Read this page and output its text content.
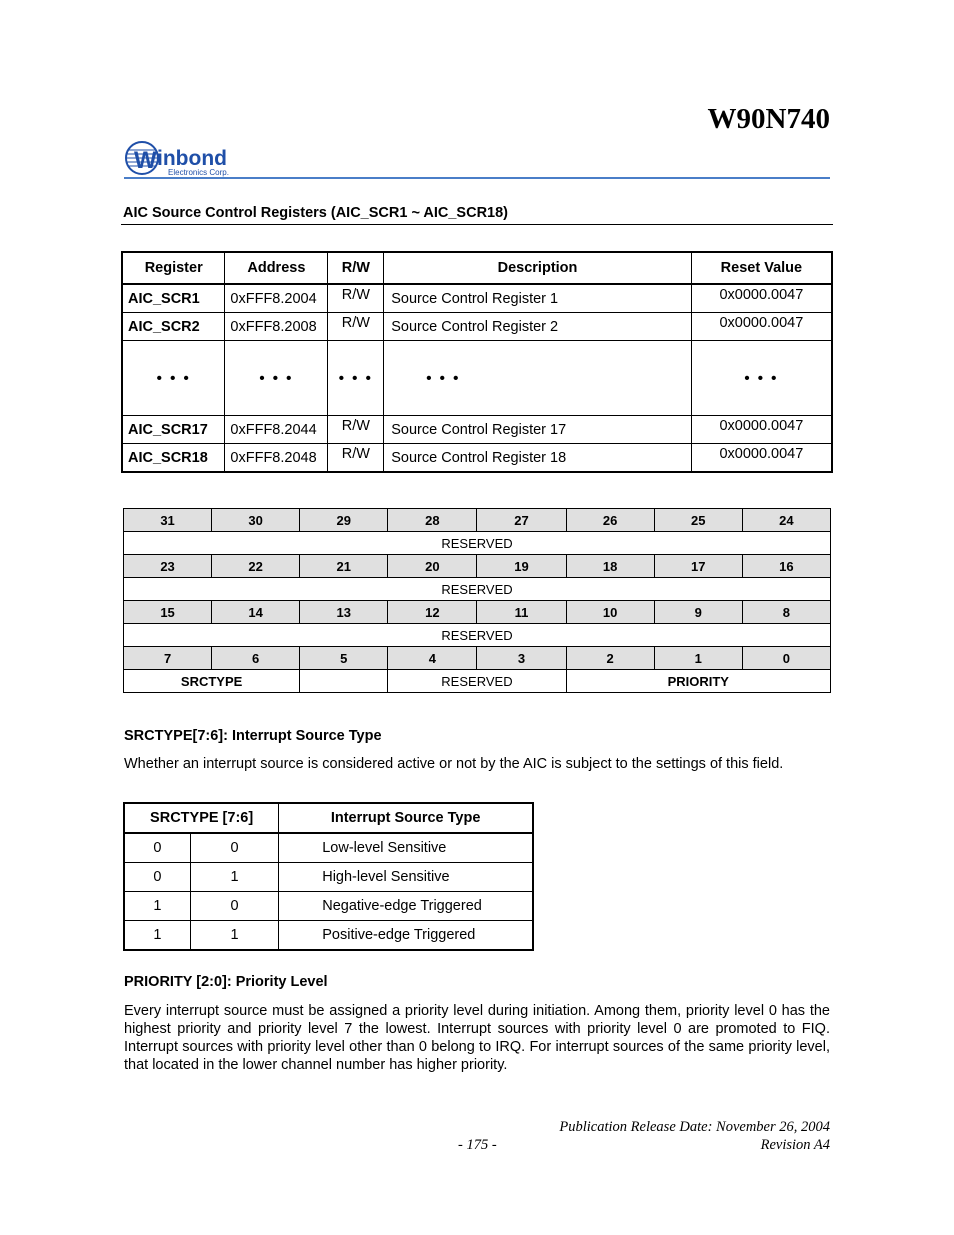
W90N740
W inbond
Electronics Corp.
AIC Source Control Registers (AIC_SCR1 ~ AIC_SCR18)
Register	Address	R/W	Description	Reset Value
AIC_SCR1	0xFFF8.2004	R/W	Source Control Register 1	0x0000.0047
AIC_SCR2	0xFFF8.2008	R/W	Source Control Register 2	0x0000.0047
• • •	• • •	• • •	• • •	• • •
AIC_SCR17	0xFFF8.2044	R/W	Source Control Register 17	0x0000.0047
AIC_SCR18	0xFFF8.2048	R/W	Source Control Register 18	0x0000.0047
31	30	29	28	27	26	25	24
RESERVED							
23	22	21	20	19	18	17	16
RESERVED							
15	14	13	12	11	10	9	8
RESERVED							
7	6	5	4	3	2	1	0
SRCTYPE			RESERVED		PRIORITY		
SRCTYPE[7:6]: Interrupt Source Type
Whether an interrupt source is considered active or not by the AIC is subject to the settings of this field.
SRCTYPE [7:6]		Interrupt Source Type
0	0	Low-level Sensitive
0	1	High-level Sensitive
1	0	Negative-edge Triggered
1	1	Positive-edge Triggered
PRIORITY [2:0]: Priority Level
Every interrupt source must be assigned a priority level during initiation. Among them, priority level 0 has the highest priority and priority level 7 the lowest. Interrupt sources with priority level 0 are promoted to FIQ. Interrupt sources with priority level other than 0 belong to IRQ. For interrupt sources of the same priority level, that located in the lower channel number has higher priority.
Publication Release Date: November 26, 2004
- 175 -	Revision A4
